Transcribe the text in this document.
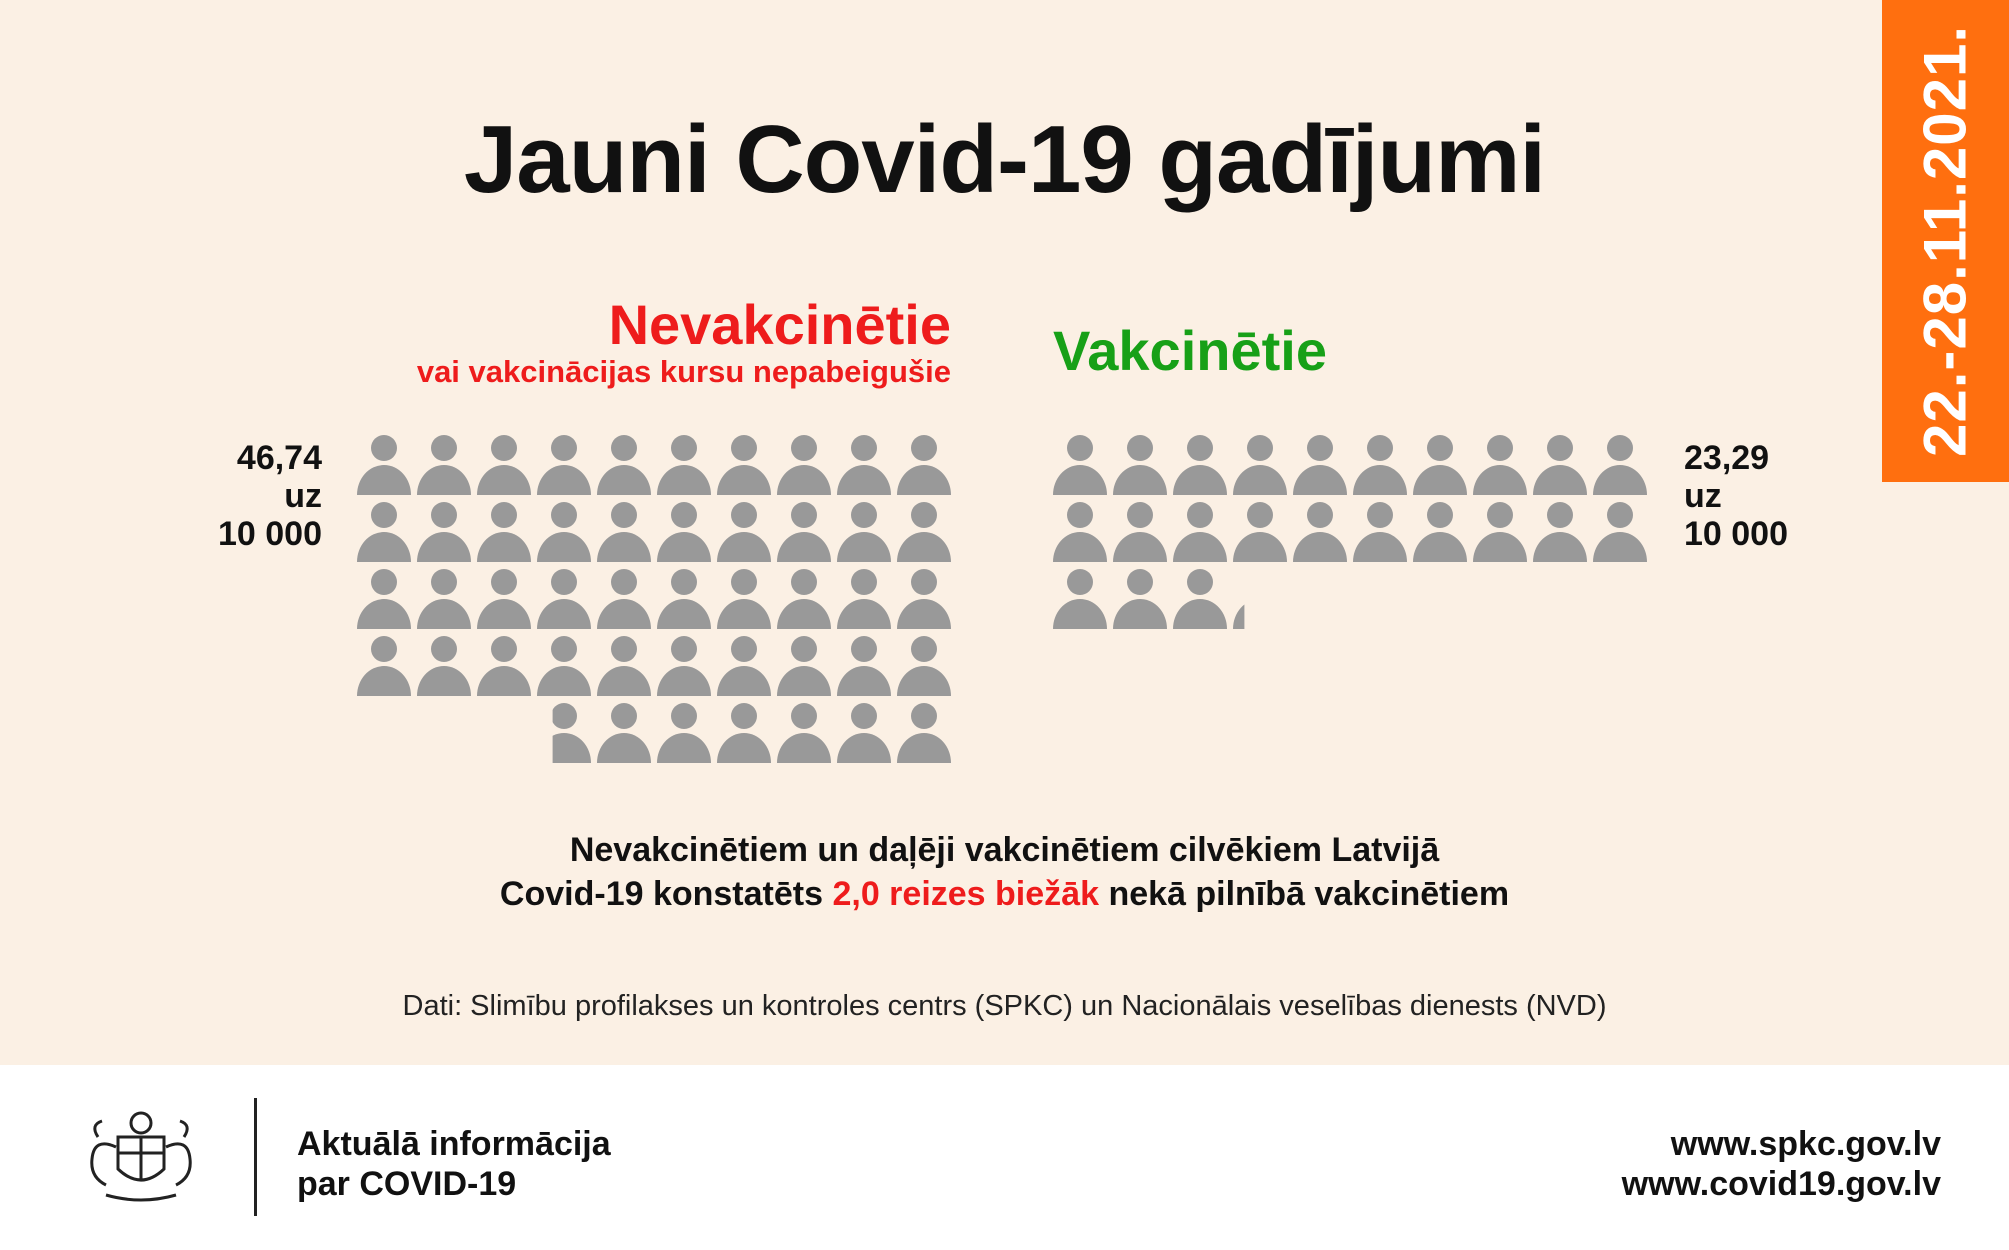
22.-28.11.2021.
Jauni Covid-19 gadījumi
Nevakcinētie
vai vakcinācijas kursu nepabeigušie Vakcinētie
46,74
uz
10 000
23,29
uz
10 000
Nevakcinētiem un daļēji vakcinētiem cilvēkiem Latvijā
Covid-19 konstatēts 2,0 reizes biežāk nekā pilnībā vakcinētiem
Dati: Slimību profilakses un kontroles centrs (SPKC) un Nacionālais veselības dienests (NVD)
Aktuālā informācija
par COVID-19
www.spkc.gov.lv
www.covid19.gov.lv
